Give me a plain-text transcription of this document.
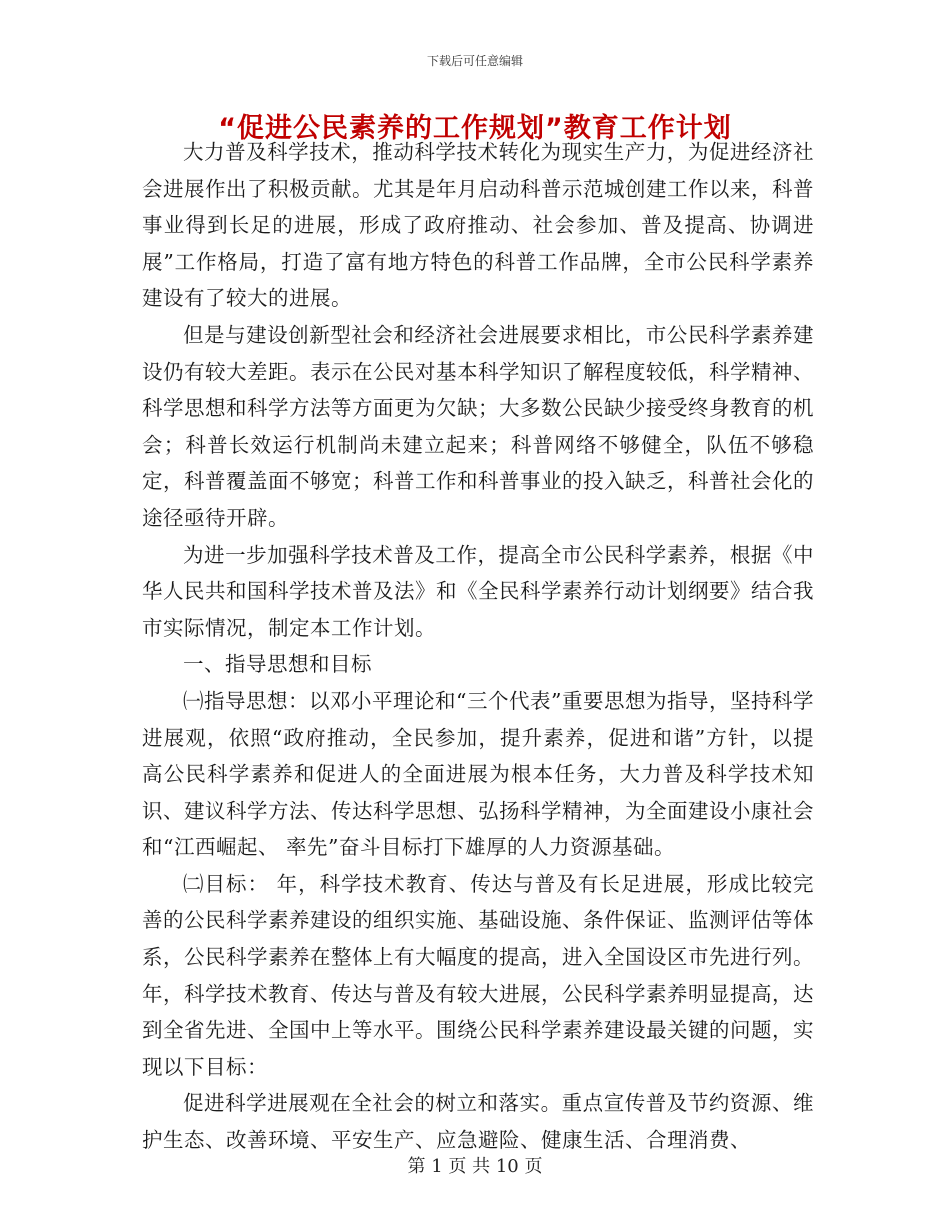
下载后可任意编辑
“促进公民素养的工作规划”教育工作计划

大力普及科学技术，推动科学技术转化为现实生产力，为促进经济社会进展作出了积极贡献。尤其是年月启动科普示范城创建工作以来，科普事业得到长足的进展，形成了政府推动、社会参加、普及提高、协调进展”工作格局，打造了富有地方特色的科普工作品牌，全市公民科学素养建设有了较大的进展。

但是与建设创新型社会和经济社会进展要求相比，市公民科学素养建设仍有较大差距。表示在公民对基本科学知识了解程度较低，科学精神、科学思想和科学方法等方面更为欠缺；大多数公民缺少接受终身教育的机会；科普长效运行机制尚未建立起来；科普网络不够健全，队伍不够稳定，科普覆盖面不够宽；科普工作和科普事业的投入缺乏，科普社会化的途径亟待开辟。

为进一步加强科学技术普及工作，提高全市公民科学素养，根据《中华人民共和国科学技术普及法》和《全民科学素养行动计划纲要》结合我市实际情况，制定本工作计划。

一、指导思想和目标

㈠指导思想：以邓小平理论和“三个代表”重要思想为指导，坚持科学进展观，依照“政府推动，全民参加，提升素养，促进和谐”方针，以提高公民科学素养和促进人的全面进展为根本任务，大力普及科学技术知识、建议科学方法、传达科学思想、弘扬科学精神，为全面建设小康社会和“江西崛起、 率先”奋斗目标打下雄厚的人力资源基础。

㈡目标： 年，科学技术教育、传达与普及有长足进展，形成比较完善的公民科学素养建设的组织实施、基础设施、条件保证、监测评估等体系，公民科学素养在整体上有大幅度的提高，进入全国设区市先进行列。 年，科学技术教育、传达与普及有较大进展，公民科学素养明显提高，达到全省先进、全国中上等水平。围绕公民科学素养建设最关键的问题，实现以下目标：

促进科学进展观在全社会的树立和落实。重点宣传普及节约资源、维护生态、改善环境、平安生产、应急避险、健康生活、合理消费、

第 1 页 共 10 页
